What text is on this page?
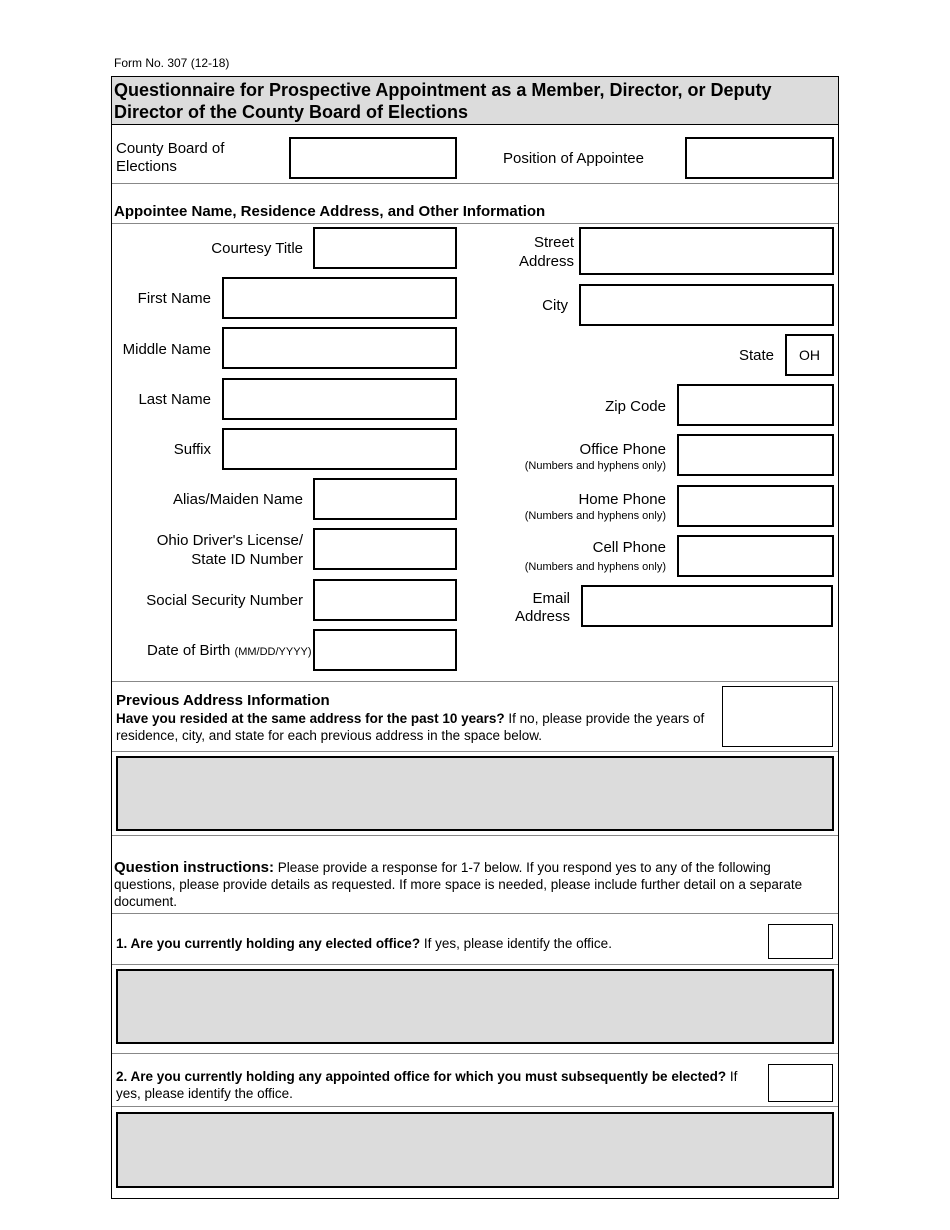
Form No. 307 (12-18)
Questionnaire for Prospective Appointment as a Member, Director, or Deputy Director of the County Board of Elections
County Board of Elections	Position of Appointee
Appointee Name, Residence Address, and Other Information
Courtesy Title
First Name
Middle Name
Last Name
Suffix
Alias/Maiden Name
Ohio Driver's License/
State ID Number
Social Security Number
Date of Birth (MM/DD/YYYY)
Street
Address
City
State	OH
Zip Code
Office Phone
(Numbers and hyphens only)
Home Phone
(Numbers and hyphens only)
Cell Phone
(Numbers and hyphens only)
Email
Address
Previous Address Information
Have you resided at the same address for the past 10 years? If no, please provide the years of residence, city, and state for each previous address in the space below.
Question instructions: Please provide a response for 1-7 below. If you respond yes to any of the following questions, please provide details as requested. If more space is needed, please include further detail on a separate document.
1. Are you currently holding any elected office? If yes, please identify the office.
2. Are you currently holding any appointed office for which you must subsequently be elected? If yes, please identify the office.
